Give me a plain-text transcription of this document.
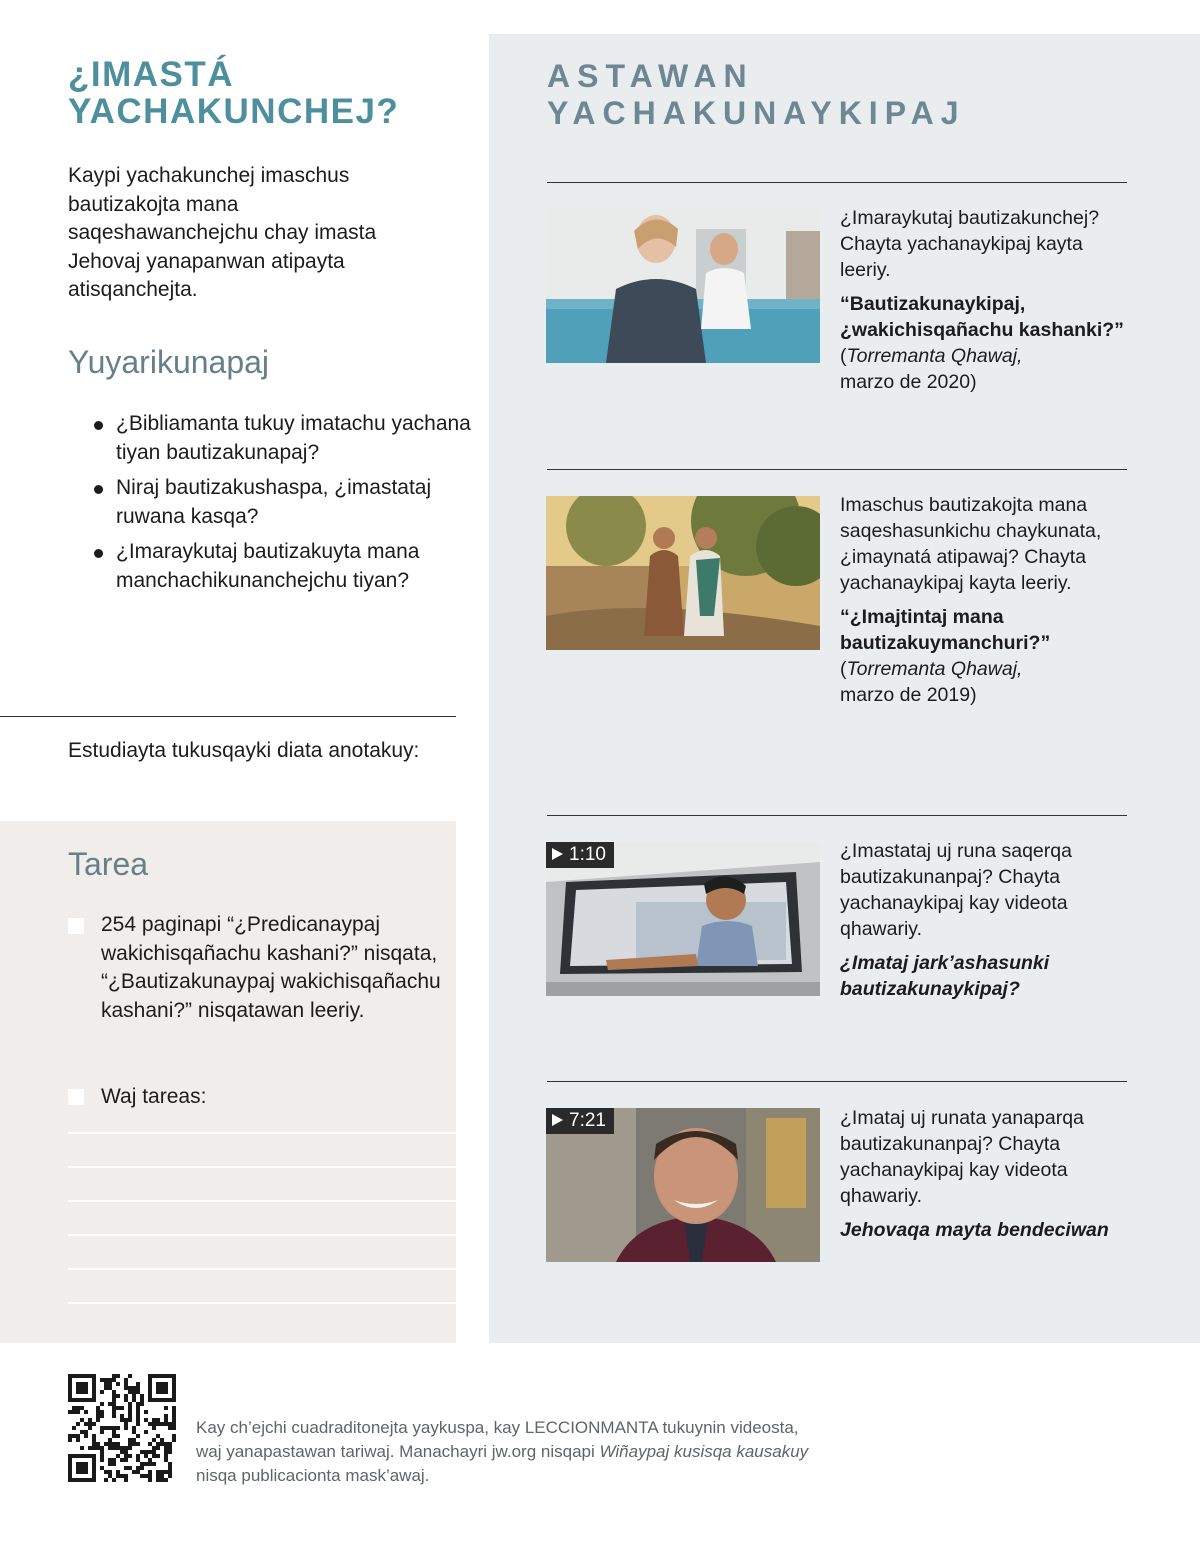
¿IMASTÁ
YACHAKUNCHEJ?

Kaypi yachakunchej imaschus bautizakojta mana saqeshawanchejchu chay imasta Jehovaj yanapanwan atipayta atisqanchejta.

Yuyarikunapaj
¿Bibliamanta tukuy imatachu yachana tiyan bautizakunapaj?
Niraj bautizakushaspa, ¿imastataj ruwana kasqa?
¿Imaraykutaj bautizakuyta mana manchachikunanchejchu tiyan?
Estudiayta tukusqayki diata anotakuy:
Tarea
254 paginapi “¿Predicanaypaj wakichisqañachu kashani?” nisqata, “¿Bautizakunaypaj wakichisqañachu kashani?” nisqatawan leeriy.
Waj tareas:
ASTAWAN
YACHAKUNAYKIPAJ
¿Imaraykutaj bautizakunchej? Chayta yachanaykipaj kayta leeriy.
“Bautizakunaykipaj, ¿wakichisqañachu kashanki?”
(Torremanta Qhawaj,
marzo de 2020)
Imaschus bautizakojta mana saqeshasunkichu chaykunata, ¿imaynatá atipawaj? Chayta yachanaykipaj kayta leeriy.
“¿Imajtintaj mana bautizakuymanchuri?”
(Torremanta Qhawaj,
marzo de 2019)
1:10	¿Imastataj uj runa saqerqa bautizakunanpaj? Chayta yachanaykipaj kay videota qhawariy.
¿Imataj jark’ashasunki bautizakunaykipaj?
7:21	¿Imataj uj runata yanaparqa bautizakunanpaj? Chayta yachanaykipaj kay videota qhawariy.
Jehovaqa mayta bendeciwan
Kay ch’ejchi cuadraditonejta yaykuspa, kay LECCIONMANTA tukuynin videosta, waj yanapastawan tariwaj. Manachayri jw.org nisqapi Wiñaypaj kusisqa kausakuy nisqa publicacionta mask’awaj.
